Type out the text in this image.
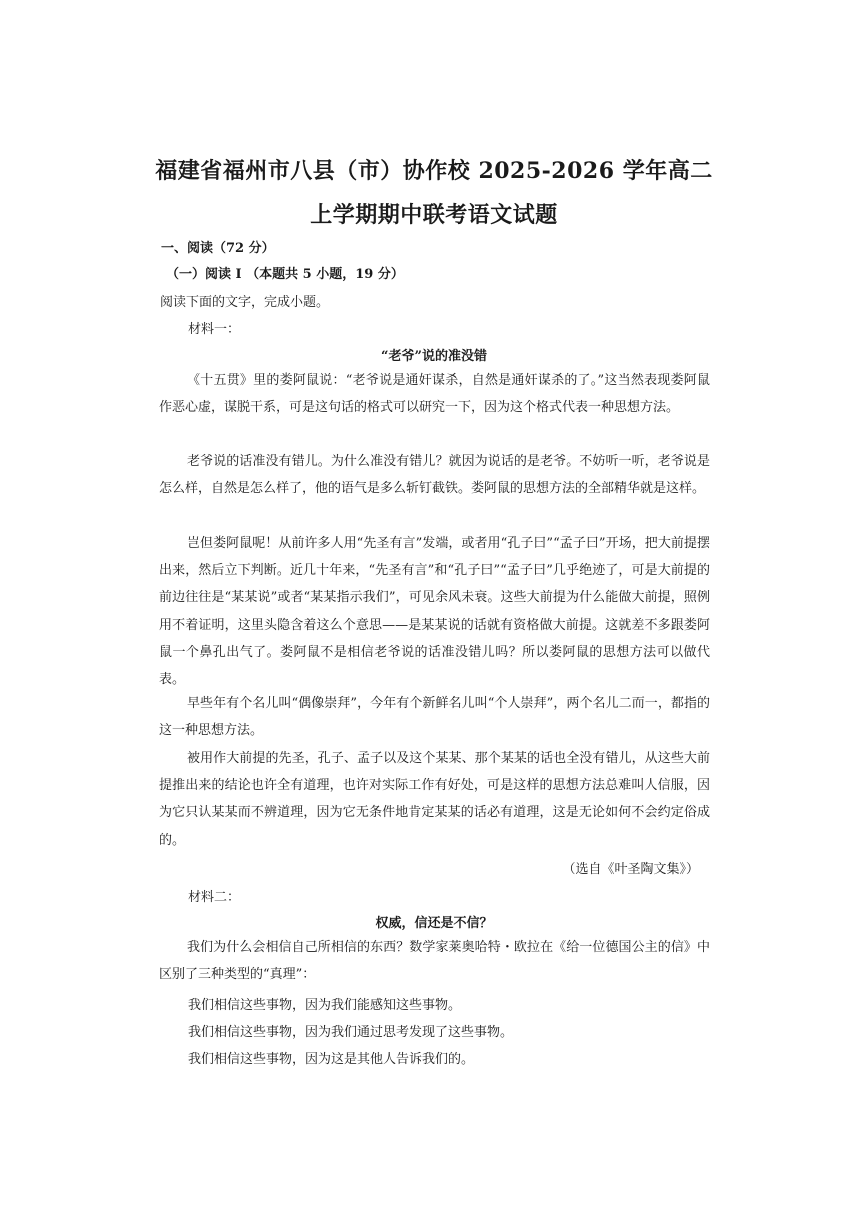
福建省福州市八县（市）协作校 2025-2026 学年高二
上学期期中联考语文试题
一、阅读（72 分）
（一）阅读 I （本题共 5 小题，19 分）
阅读下面的文字，完成小题。
材料一：
“老爷”说的准没错
《十五贯》里的娄阿鼠说：“老爷说是通奸谋杀，自然是通奸谋杀的了。”这当然表现娄阿鼠作恶心虚，谋脱干系，可是这句话的格式可以研究一下，因为这个格式代表一种思想方法。
老爷说的话准没有错儿。为什么准没有错儿？就因为说话的是老爷。不妨听一听，老爷说是怎么样，自然是怎么样了，他的语气是多么斩钉截铁。娄阿鼠的思想方法的全部精华就是这样。
岂但娄阿鼠呢！从前许多人用“先圣有言”发端，或者用“孔子曰”“孟子曰”开场，把大前提摆出来，然后立下判断。近几十年来，“先圣有言”和“孔子曰”“孟子曰”几乎绝迹了，可是大前提的前边往往是“某某说”或者“某某指示我们”，可见余风未衰。这些大前提为什么能做大前提，照例用不着证明，这里头隐含着这么个意思——是某某说的话就有资格做大前提。这就差不多跟娄阿鼠一个鼻孔出气了。娄阿鼠不是相信老爷说的话准没错儿吗？所以娄阿鼠的思想方法可以做代表。
早些年有个名儿叫“偶像崇拜”，今年有个新鲜名儿叫“个人崇拜”，两个名儿二而一，都指的这一种思想方法。
被用作大前提的先圣，孔子、孟子以及这个某某、那个某某的话也全没有错儿，从这些大前提推出来的结论也许全有道理，也许对实际工作有好处，可是这样的思想方法总难叫人信服，因为它只认某某而不辨道理，因为它无条件地肯定某某的话必有道理，这是无论如何不会约定俗成的。
（选自《叶圣陶文集》）
材料二：
权威，信还是不信？
我们为什么会相信自己所相信的东西？数学家莱奥哈特・欧拉在《给一位德国公主的信》中区别了三种类型的“真理”：
我们相信这些事物，因为我们能感知这些事物。
我们相信这些事物，因为我们通过思考发现了这些事物。
我们相信这些事物，因为这是其他人告诉我们的。
